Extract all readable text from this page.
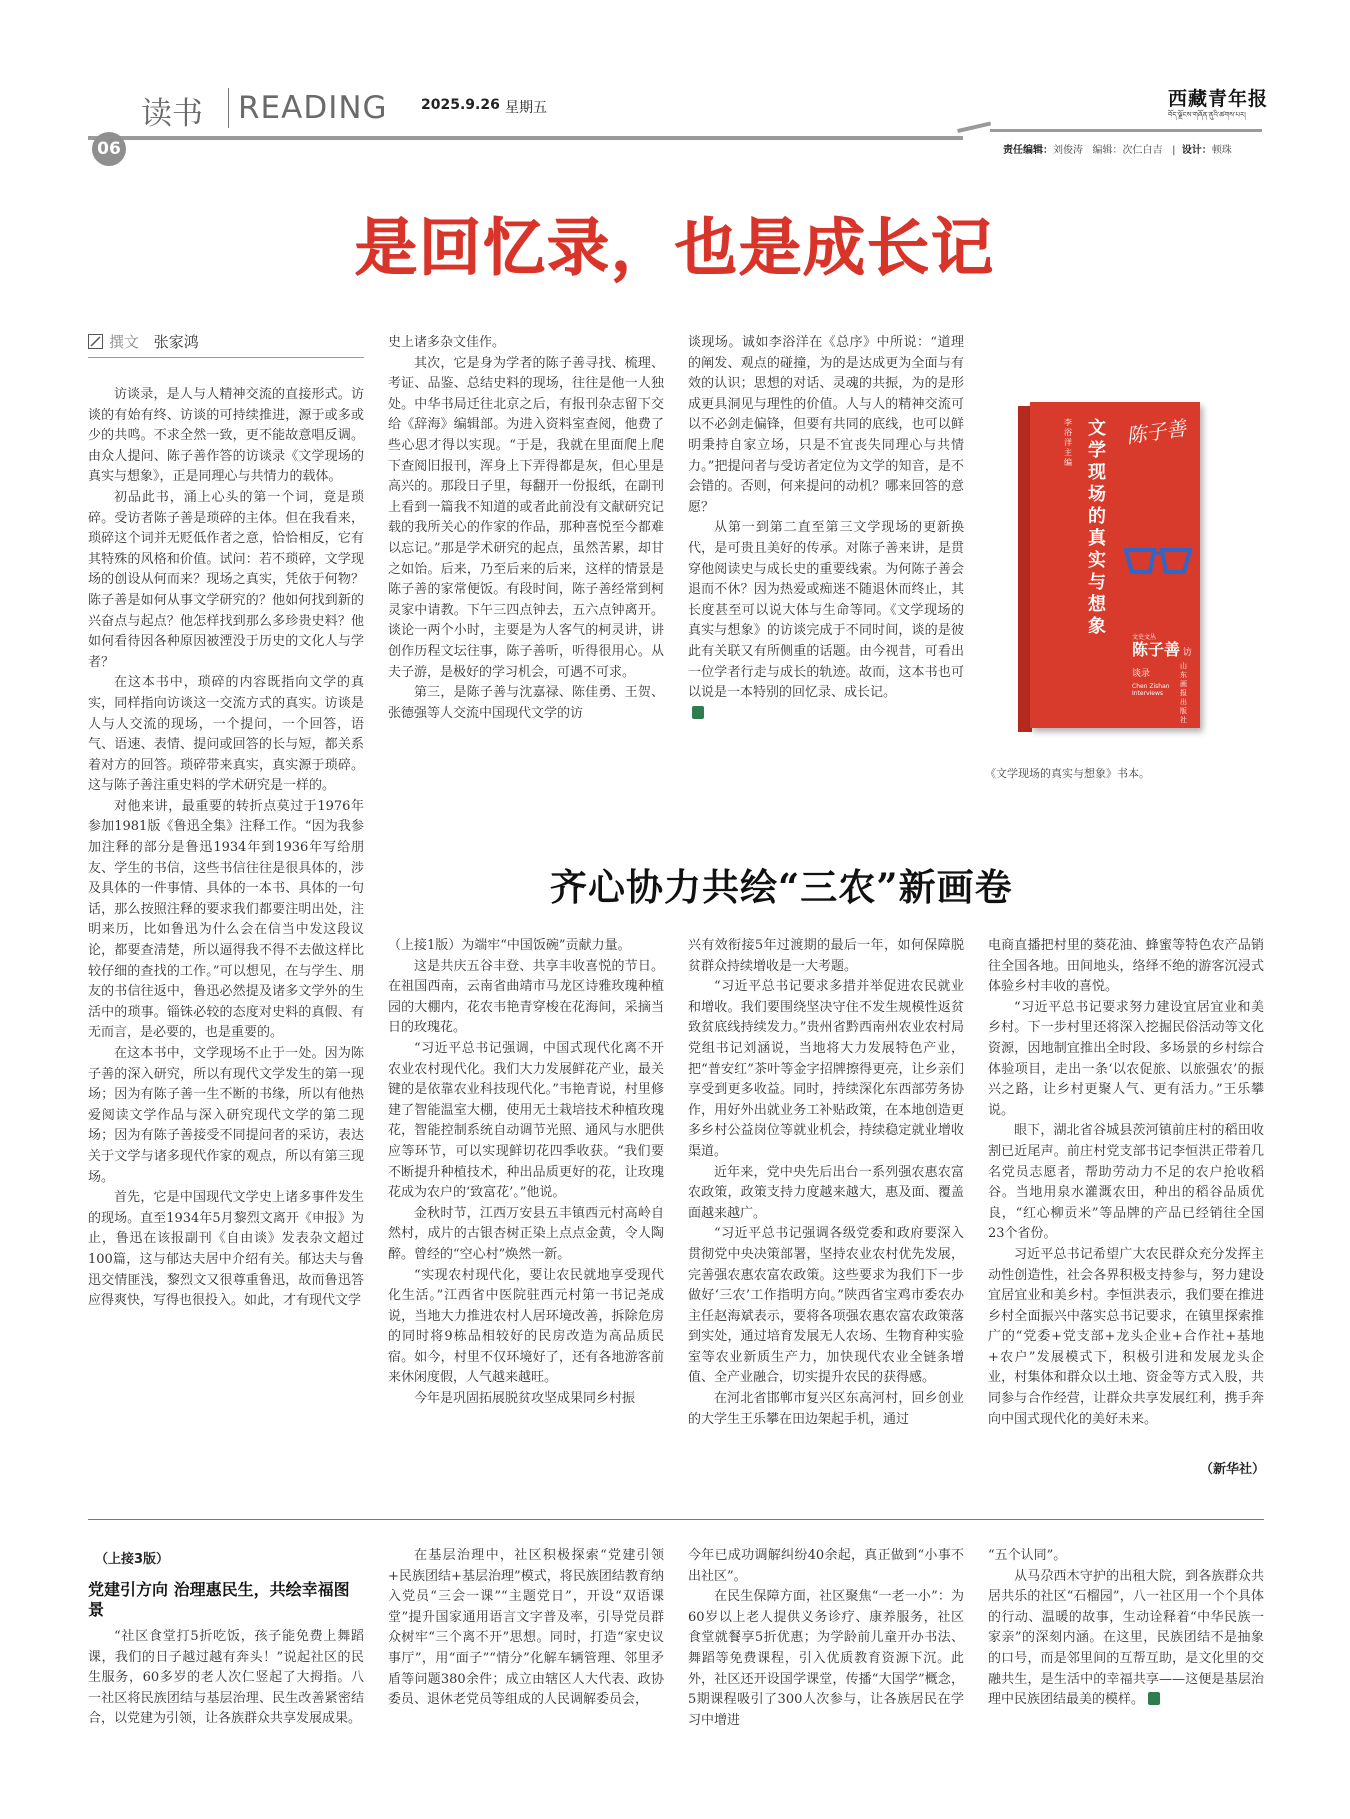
读书 READING 2025.9.26 星期五
06
西藏青年报
བོད་ལྗོངས་གཞོན་ནུའི་ཚགས་པར།
责任编辑：刘俊涛 编辑：次仁白吉   |  设计：顿珠
是回忆录，也是成长记
撰文 张家鸿

访谈录，是人与人精神交流的直接形式。访谈的有始有终、访谈的可持续推进，源于或多或少的共鸣。不求全然一致，更不能故意唱反调。由众人提问、陈子善作答的访谈录《文学现场的真实与想象》，正是同理心与共情力的载体。

初品此书，涌上心头的第一个词，竟是琐碎。受访者陈子善是琐碎的主体。但在我看来，琐碎这个词并无贬低作者之意，恰恰相反，它有其特殊的风格和价值。试问：若不琐碎，文学现场的创设从何而来？现场之真实，凭依于何物？陈子善是如何从事文学研究的？他如何找到新的兴奋点与起点？他怎样找到那么多珍贵史料？他如何看待因各种原因被湮没于历史的文化人与学者？

在这本书中，琐碎的内容既指向文学的真实，同样指向访谈这一交流方式的真实。访谈是人与人交流的现场，一个提问，一个回答，语气、语速、表情、提问或回答的长与短，都关系着对方的回答。琐碎带来真实，真实源于琐碎。这与陈子善注重史料的学术研究是一样的。

对他来讲，最重要的转折点莫过于1976年参加1981版《鲁迅全集》注释工作。“因为我参加注释的部分是鲁迅1934年到1936年写给朋友、学生的书信，这些书信往往是很具体的，涉及具体的一件事情、具体的一本书、具体的一句话，那么按照注释的要求我们都要注明出处，注明来历，比如鲁迅为什么会在信当中发这段议论，都要查清楚，所以逼得我不得不去做这样比较仔细的查找的工作。”可以想见，在与学生、朋友的书信往返中，鲁迅必然提及诸多文学外的生活中的琐事。锱铢必较的态度对史料的真假、有无而言，是必要的，也是重要的。

在这本书中，文学现场不止于一处。因为陈子善的深入研究，所以有现代文学发生的第一现场；因为有陈子善一生不断的书缘，所以有他热爱阅读文学作品与深入研究现代文学的第二现场；因为有陈子善接受不同提问者的采访，表达关于文学与诸多现代作家的观点，所以有第三现场。

首先，它是中国现代文学史上诸多事件发生的现场。直至1934年5月黎烈文离开《申报》为止，鲁迅在该报副刊《自由谈》发表杂文超过100篇，这与郁达夫居中介绍有关。郁达夫与鲁迅交情匪浅，黎烈文又很尊重鲁迅，故而鲁迅答应得爽快，写得也很投入。如此，才有现代文学

史上诸多杂文佳作。

其次，它是身为学者的陈子善寻找、梳理、考证、品鉴、总结史料的现场，往往是他一人独处。中华书局迁往北京之后，有报刊杂志留下交给《辞海》编辑部。为进入资料室查阅，他费了些心思才得以实现。“于是，我就在里面爬上爬下查阅旧报刊，浑身上下弄得都是灰，但心里是高兴的。那段日子里，每翻开一份报纸，在副刊上看到一篇我不知道的或者此前没有文献研究记载的我所关心的作家的作品，那种喜悦至今都难以忘记。”那是学术研究的起点，虽然苦累，却甘之如饴。后来，乃至后来的后来，这样的情景是陈子善的家常便饭。有段时间，陈子善经常到柯灵家中请教。下午三四点钟去，五六点钟离开。谈论一两个小时，主要是为人客气的柯灵讲，讲创作历程文坛往事，陈子善听，听得很用心。从夫子游，是极好的学习机会，可遇不可求。

第三，是陈子善与沈嘉禄、陈佳勇、王贺、张德强等人交流中国现代文学的访

谈现场。诚如李浴洋在《总序》中所说：“道理的阐发、观点的碰撞，为的是达成更为全面与有效的认识；思想的对话、灵魂的共振，为的是形成更具洞见与理性的价值。人与人的精神交流可以不必剑走偏锋，但要有共同的底线，也可以鲜明秉持自家立场，只是不宜丧失同理心与共情力。”把提问者与受访者定位为文学的知音，是不会错的。否则，何来提问的动机？哪来回答的意愿？

从第一到第二直至第三文学现场的更新换代，是可贵且美好的传承。对陈子善来讲，是贯穿他阅读史与成长史的重要线索。为何陈子善会退而不休？因为热爱或痴迷不随退休而终止，其长度甚至可以说大体与生命等同。《文学现场的真实与想象》的访谈完成于不同时间，谈的是彼此有关联又有所侧重的话题。由今视昔，可看出一位学者行走与成长的轨迹。故而，这本书也可以说是一本特别的回忆录、成长记。

文学现场的真实与想象
李浴洋 主编
陈子善
文史文丛
陈子善 访谈录
Chen Zishan Interviews
山东画报出版社
《文学现场的真实与想象》书本。
齐心协力共绘“三农”新画卷

（上接1版）为端牢“中国饭碗”贡献力量。

这是共庆五谷丰登、共享丰收喜悦的节日。在祖国西南，云南省曲靖市马龙区诗雅玫瑰种植园的大棚内，花农韦艳青穿梭在花海间，采摘当日的玫瑰花。

“习近平总书记强调，中国式现代化离不开农业农村现代化。我们大力发展鲜花产业，最关键的是依靠农业科技现代化。”韦艳青说，村里修建了智能温室大棚，使用无土栽培技术种植玫瑰花，智能控制系统自动调节光照、通风与水肥供应等环节，可以实现鲜切花四季收获。“我们要不断提升种植技术，种出品质更好的花，让玫瑰花成为农户的‘致富花’。”他说。

金秋时节，江西万安县五丰镇西元村高岭自然村，成片的古银杏树正染上点点金黄，令人陶醉。曾经的“空心村”焕然一新。

“实现农村现代化，要让农民就地享受现代化生活。”江西省中医院驻西元村第一书记尧成说，当地大力推进农村人居环境改善，拆除危房的同时将9栋品相较好的民房改造为高品质民宿。如今，村里不仅环境好了，还有各地游客前来休闲度假，人气越来越旺。

今年是巩固拓展脱贫攻坚成果同乡村振

兴有效衔接5年过渡期的最后一年，如何保障脱贫群众持续增收是一大考题。

“习近平总书记要求多措并举促进农民就业和增收。我们要围绕坚决守住不发生规模性返贫致贫底线持续发力。”贵州省黔西南州农业农村局党组书记刘涵说，当地将大力发展特色产业，把“普安红”茶叶等金字招牌擦得更亮，让乡亲们享受到更多收益。同时，持续深化东西部劳务协作，用好外出就业务工补贴政策，在本地创造更多乡村公益岗位等就业机会，持续稳定就业增收渠道。

近年来，党中央先后出台一系列强农惠农富农政策，政策支持力度越来越大，惠及面、覆盖面越来越广。

“习近平总书记强调各级党委和政府要深入贯彻党中央决策部署，坚持农业农村优先发展，完善强农惠农富农政策。这些要求为我们下一步做好‘三农’工作指明方向。”陕西省宝鸡市委农办主任赵海斌表示，要将各项强农惠农富农政策落到实处，通过培育发展无人农场、生物育种实验室等农业新质生产力，加快现代农业全链条增值、全产业融合，切实提升农民的获得感。

在河北省邯郸市复兴区东高河村，回乡创业的大学生王乐攀在田边架起手机，通过

电商直播把村里的葵花油、蜂蜜等特色农产品销往全国各地。田间地头，络绎不绝的游客沉浸式体验乡村丰收的喜悦。

“习近平总书记要求努力建设宜居宜业和美乡村。下一步村里还将深入挖掘民俗活动等文化资源，因地制宜推出全时段、多场景的乡村综合体验项目，走出一条‘以农促旅、以旅强农’的振兴之路，让乡村更聚人气、更有活力。”王乐攀说。

眼下，湖北省谷城县茨河镇前庄村的稻田收割已近尾声。前庄村党支部书记李恒洪正带着几名党员志愿者，帮助劳动力不足的农户抢收稻谷。当地用泉水灌溉农田，种出的稻谷品质优良，“红心柳贡米”等品牌的产品已经销往全国23个省份。

习近平总书记希望广大农民群众充分发挥主动性创造性，社会各界积极支持参与，努力建设宜居宜业和美乡村。李恒洪表示，我们要在推进乡村全面振兴中落实总书记要求，在镇里探索推广的“党委+党支部+龙头企业+合作社+基地+农户”发展模式下，积极引进和发展龙头企业，村集体和群众以土地、资金等方式入股，共同参与合作经营，让群众共享发展红利，携手奔向中国式现代化的美好未来。

（新华社）
（上接3版）
党建引方向 治理惠民生，共绘幸福图景

“社区食堂打5折吃饭，孩子能免费上舞蹈课，我们的日子越过越有奔头！”说起社区的民生服务，60多岁的老人次仁竖起了大拇指。八一社区将民族团结与基层治理、民生改善紧密结合，以党建为引领，让各族群众共享发展成果。

在基层治理中，社区积极探索“党建引领+民族团结+基层治理”模式，将民族团结教育纳入党员“三会一课”“主题党日”，开设“双语课堂”提升国家通用语言文字普及率，引导党员群众树牢“三个离不开”思想。同时，打造“家史议事厅”，用“面子”“情分”化解车辆管理、邻里矛盾等问题380余件；成立由辖区人大代表、政协委员、退休老党员等组成的人民调解委员会，

今年已成功调解纠纷40余起，真正做到“小事不出社区”。

在民生保障方面，社区聚焦“一老一小”：为60岁以上老人提供义务诊疗、康养服务，社区食堂就餐享5折优惠；为学龄前儿童开办书法、舞蹈等免费课程，引入优质教育资源下沉。此外，社区还开设国学课堂，传播“大国学”概念，5期课程吸引了300人次参与，让各族居民在学习中增进

“五个认同”。

从马尕西木守护的出租大院，到各族群众共居共乐的社区“石榴园”，八一社区用一个个具体的行动、温暖的故事，生动诠释着“中华民族一家亲”的深刻内涵。在这里，民族团结不是抽象的口号，而是邻里间的互帮互助，是文化里的交融共生，是生活中的幸福共享——这便是基层治理中民族团结最美的模样。
